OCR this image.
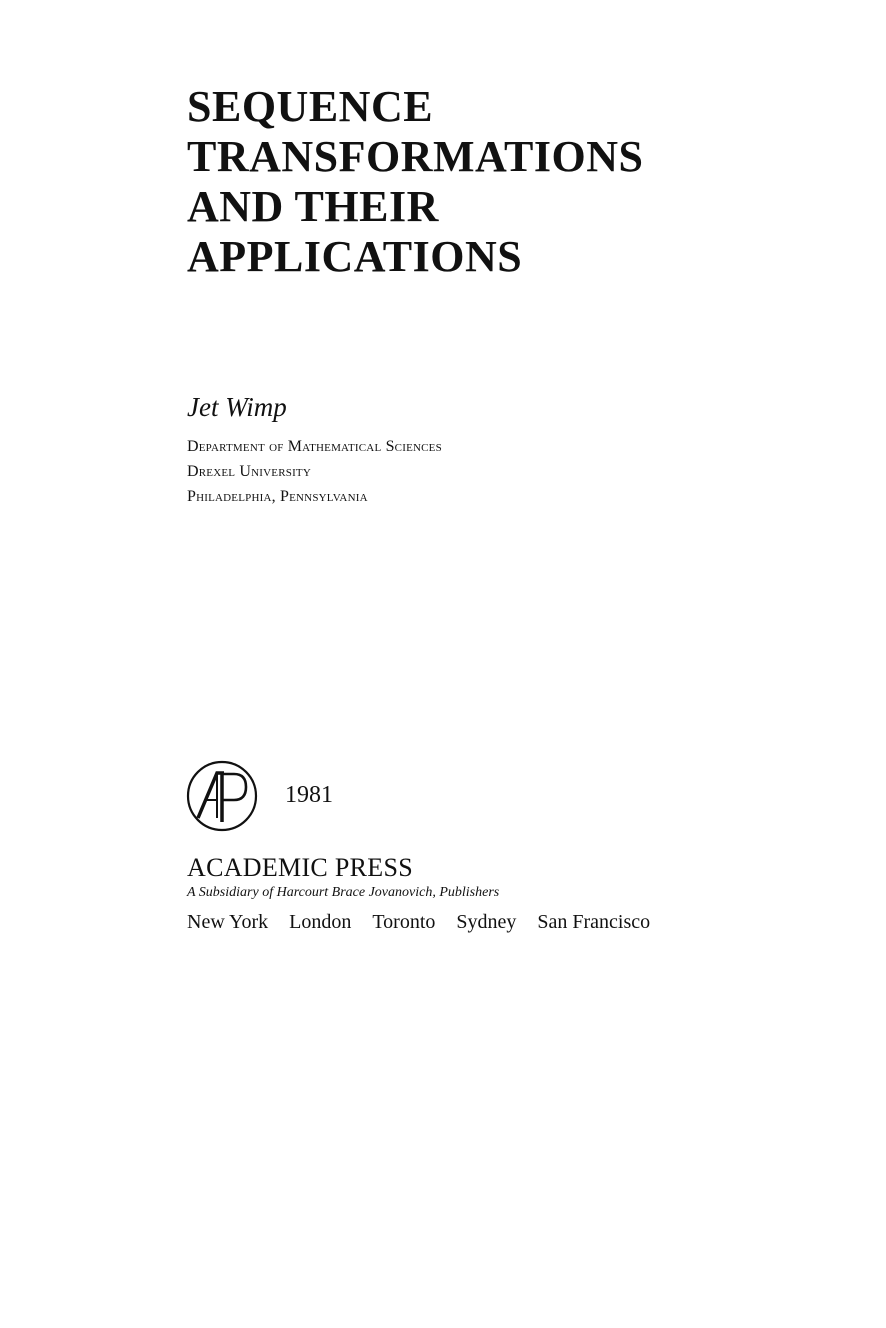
SEQUENCE
TRANSFORMATIONS
AND THEIR
APPLICATIONS
Jet Wimp
Department of Mathematical Sciences
Drexel University
Philadelphia, Pennsylvania
1981
ACADEMIC PRESS
A Subsidiary of Harcourt Brace Jovanovich, Publishers
New York London Toronto Sydney San Francisco
